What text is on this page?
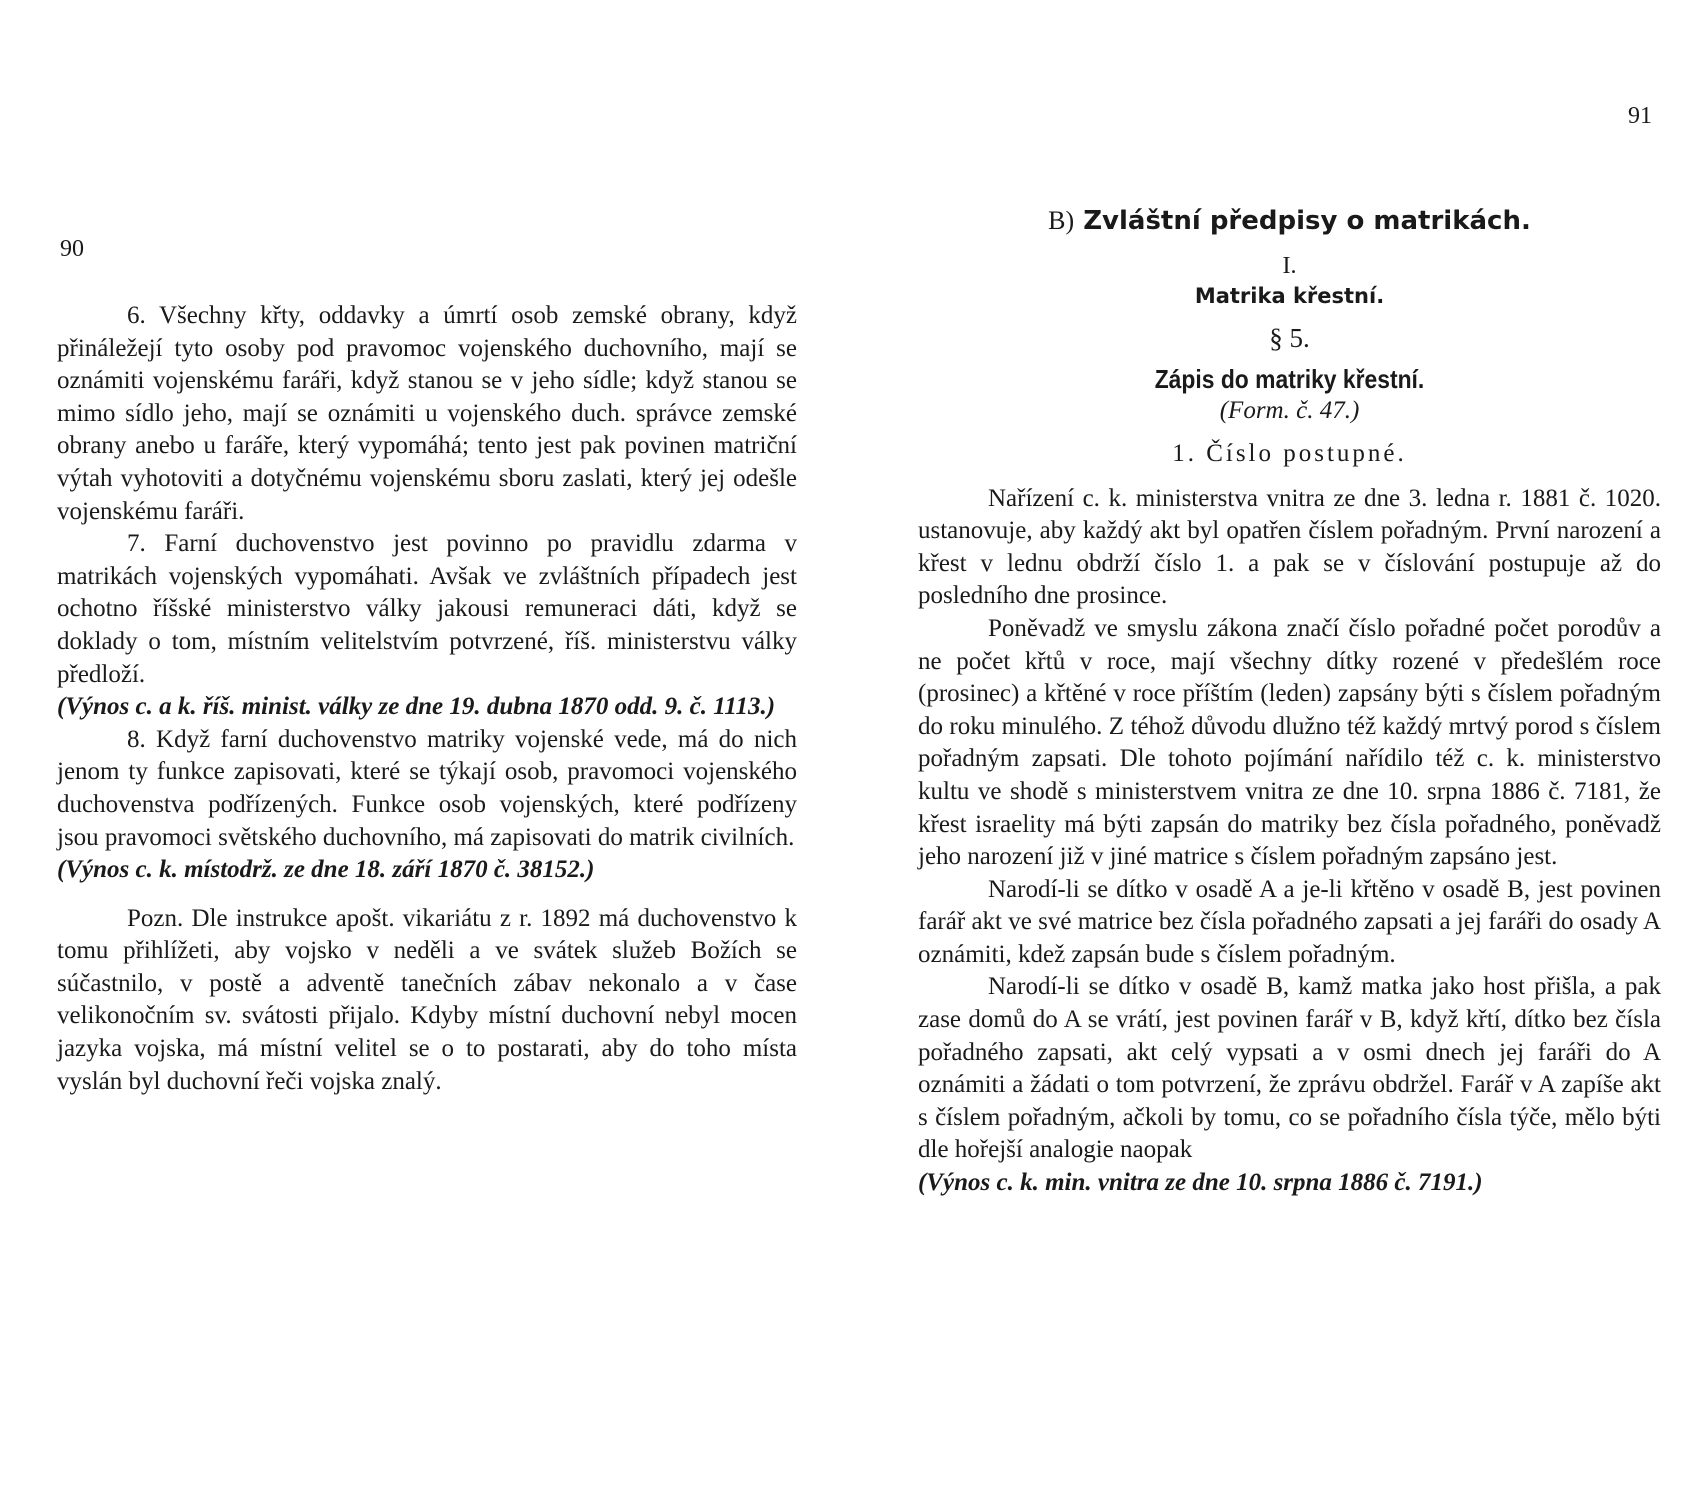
90

6. Všechny křty, oddavky a úmrtí osob zemské obrany, když přináležejí tyto osoby pod pravomoc vojenského duchovního, mají se oznámiti vojenskému faráři, když stanou se v jeho sídle; když stanou se mimo sídlo jeho, mají se oznámiti u vojenského duch. správce zemské obrany anebo u faráře, který vypomáhá; tento jest pak povinen matriční výtah vyhotoviti a dotyčnému vojenskému sboru zaslati, který jej odešle vojenskému faráři.

7. Farní duchovenstvo jest povinno po pravidlu zdarma v matrikách vojenských vypomáhati. Avšak ve zvláštních případech jest ochotno říšské ministerstvo války jakousi remuneraci dáti, když se doklady o tom, místním velitelstvím potvrzené, říš. ministerstvu války předloží.

(Výnos c. a k. říš. minist. války ze dne 19. dubna 1870 odd. 9. č. 1113.)

8. Když farní duchovenstvo matriky vojenské vede, má do nich jenom ty funkce zapisovati, které se týkají osob, pravomoci vojenského duchovenstva podřízených. Funkce osob vojenských, které podřízeny jsou pravomoci světského duchovního, má zapisovati do matrik civilních.

(Výnos c. k. místodrž. ze dne 18. září 1870 č. 38152.)

Pozn. Dle instrukce apošt. vikariátu z r. 1892 má duchovenstvo k tomu přihlížeti, aby vojsko v neděli a ve svátek služeb Božích se súčastnilo, v postě a adventě tanečních zábav nekonalo a v čase velikonočním sv. svátosti přijalo. Kdyby místní duchovní nebyl mocen jazyka vojska, má místní velitel se o to postarati, aby do toho místa vyslán byl duchovní řeči vojska znalý.

91

B) Zvláštní předpisy o matrikách.

I.

Matrika křestní.

§ 5.

Zápis do matriky křestní.

(Form. č. 47.)

1. Číslo postupné.

Nařízení c. k. ministerstva vnitra ze dne 3. ledna r. 1881 č. 1020. ustanovuje, aby každý akt byl opatřen číslem pořadným. První narození a křest v lednu obdrží číslo 1. a pak se v číslování postupuje až do posledního dne prosince.

Poněvadž ve smyslu zákona značí číslo pořadné počet porodův a ne počet křtů v roce, mají všechny dítky rozené v předešlém roce (prosinec) a křtěné v roce příštím (leden) zapsány býti s číslem pořadným do roku minulého. Z téhož důvodu dlužno též každý mrtvý porod s číslem pořadným zapsati. Dle tohoto pojímání nařídilo též c. k. ministerstvo kultu ve shodě s ministerstvem vnitra ze dne 10. srpna 1886 č. 7181, že křest israelity má býti zapsán do matriky bez čísla pořadného, poněvadž jeho narození již v jiné matrice s číslem pořadným zapsáno jest.

Narodí-li se dítko v osadě A a je-li křtěno v osadě B, jest povinen farář akt ve své matrice bez čísla pořadného zapsati a jej faráři do osady A oznámiti, kdež zapsán bude s číslem pořadným.

Narodí-li se dítko v osadě B, kamž matka jako host přišla, a pak zase domů do A se vrátí, jest povinen farář v B, když křtí, dítko bez čísla pořadného zapsati, akt celý vypsati a v osmi dnech jej faráři do A oznámiti a žádati o tom potvrzení, že zprávu obdržel. Farář v A zapíše akt s číslem pořadným, ačkoli by tomu, co se pořadního čísla týče, mělo býti dle hořejší analogie naopak

(Výnos c. k. min. vnitra ze dne 10. srpna 1886 č. 7191.)
